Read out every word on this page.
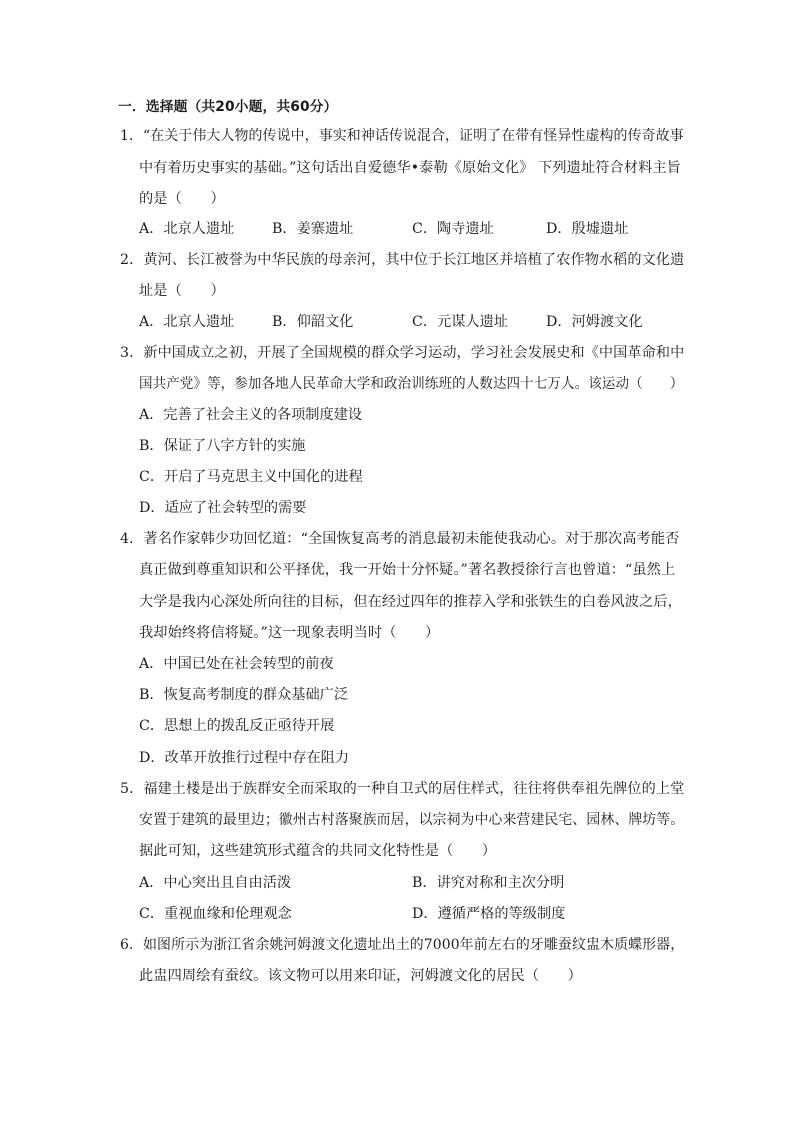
一．选择题（共20小题，共60分）
1．“在关于伟大人物的传说中，事实和神话传说混合，证明了在带有怪异性虚构的传奇故事
中有着历史事实的基础。”这句话出自爱德华•泰勒《原始文化》 下列遗址符合材料主旨
的是（　　）
A．北京人遗址	B．姜寨遗址	C．陶寺遗址	D．殷墟遗址
2．黄河、长江被誉为中华民族的母亲河，其中位于长江地区并培植了农作物水稻的文化遗
址是（　　）
A．北京人遗址	B．仰韶文化	C．元谋人遗址	D．河姆渡文化
3．新中国成立之初，开展了全国规模的群众学习运动，学习社会发展史和《中国革命和中
国共产党》等，参加各地人民革命大学和政治训练班的人数达四十七万人。该运动（　　）
A．完善了社会主义的各项制度建设
B．保证了八字方针的实施
C．开启了马克思主义中国化的进程
D．适应了社会转型的需要
4．著名作家韩少功回忆道：“全国恢复高考的消息最初未能使我动心。对于那次高考能否
真正做到尊重知识和公平择优，我一开始十分怀疑。”著名教授徐行言也曾道：“虽然上
大学是我内心深处所向往的目标，但在经过四年的推荐入学和张铁生的白卷风波之后，
我却始终将信将疑。”这一现象表明当时（　　）
A．中国已处在社会转型的前夜
B．恢复高考制度的群众基础广泛
C．思想上的拨乱反正亟待开展
D．改革开放推行过程中存在阻力
5．福建土楼是出于族群安全而采取的一种自卫式的居住样式，往往将供奉祖先牌位的上堂
安置于建筑的最里边；徽州古村落聚族而居，以宗祠为中心来营建民宅、园林、牌坊等。
据此可知，这些建筑形式蕴含的共同文化特性是（　　）
A．中心突出且自由活泼	B．讲究对称和主次分明
C．重视血缘和伦理观念	D．遵循严格的等级制度
6．如图所示为浙江省余姚河姆渡文化遗址出土的7000年前左右的牙雕蚕纹盅木质蝶形器，
此盅四周绘有蚕纹。该文物可以用来印证，河姆渡文化的居民（　　）
